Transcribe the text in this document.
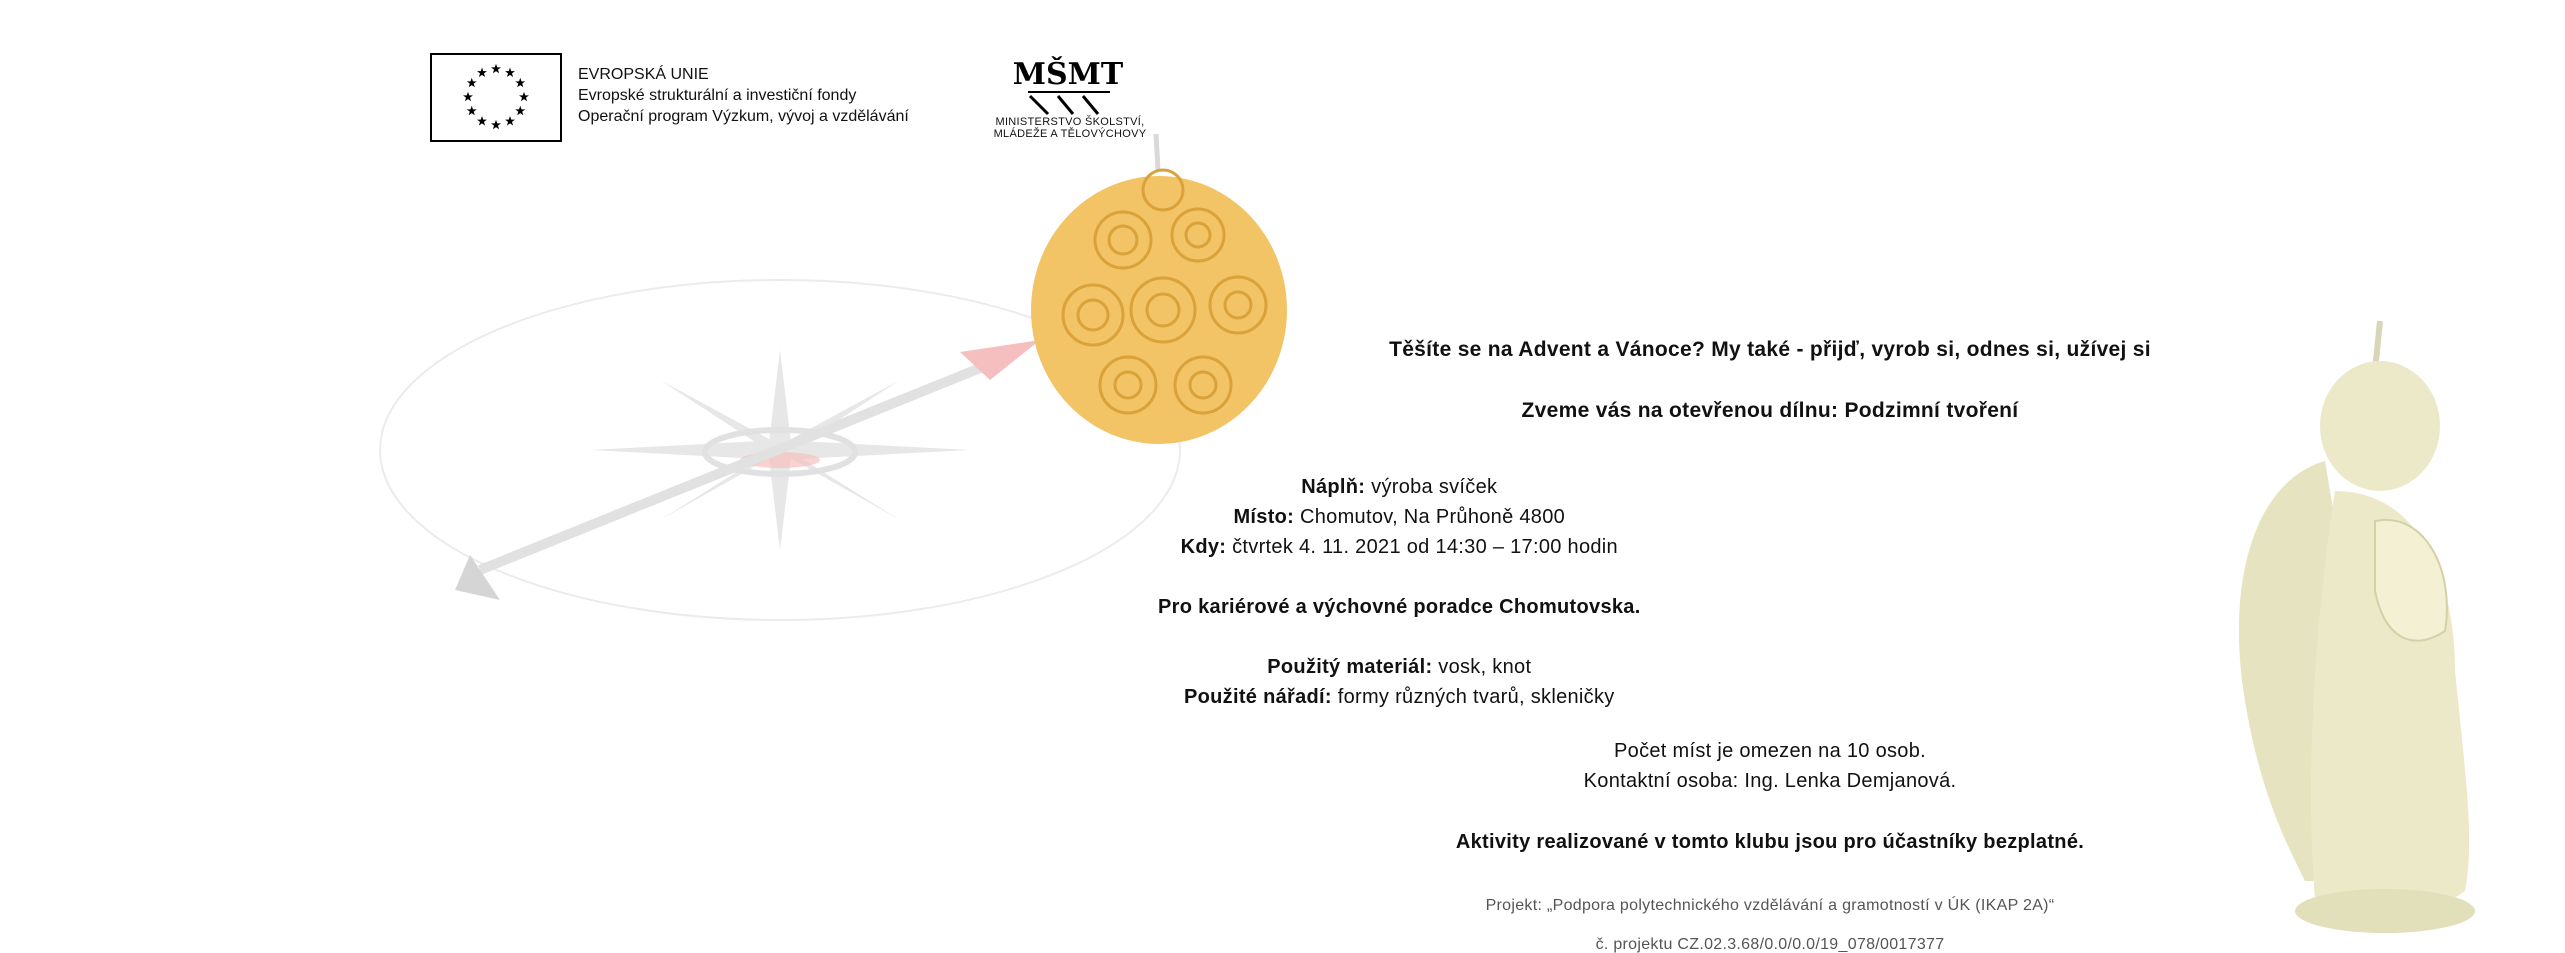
EVROPSKÁ UNIE
Evropské strukturální a investiční fondy
Operační program Výzkum, vývoj a vzdělávání
MŠMT
MINISTERSTVO ŠKOLSTVÍ,
MLÁDEŽE A TĚLOVÝCHOVY
Těšíte se na Advent a Vánoce? My také - přijď, vyrob si, odnes si, užívej si
Zveme vás na otevřenou dílnu: Podzimní tvoření
Náplň: výroba svíček
Místo: Chomutov, Na Průhoně 4800
Kdy: čtvrtek 4. 11. 2021 od 14:30 – 17:00 hodin
Pro kariérové a výchovné poradce Chomutovska.
Použitý materiál: vosk, knot
Použité nářadí: formy různých tvarů, skleničky
Počet míst je omezen na 10 osob.
Kontaktní osoba: Ing. Lenka Demjanová.
Aktivity realizované v tomto klubu jsou pro účastníky bezplatné.
Projekt: „Podpora polytechnického vzdělávání a gramotností v ÚK (IKAP 2A)“
č. projektu CZ.02.3.68/0.0/0.0/19_078/0017377
